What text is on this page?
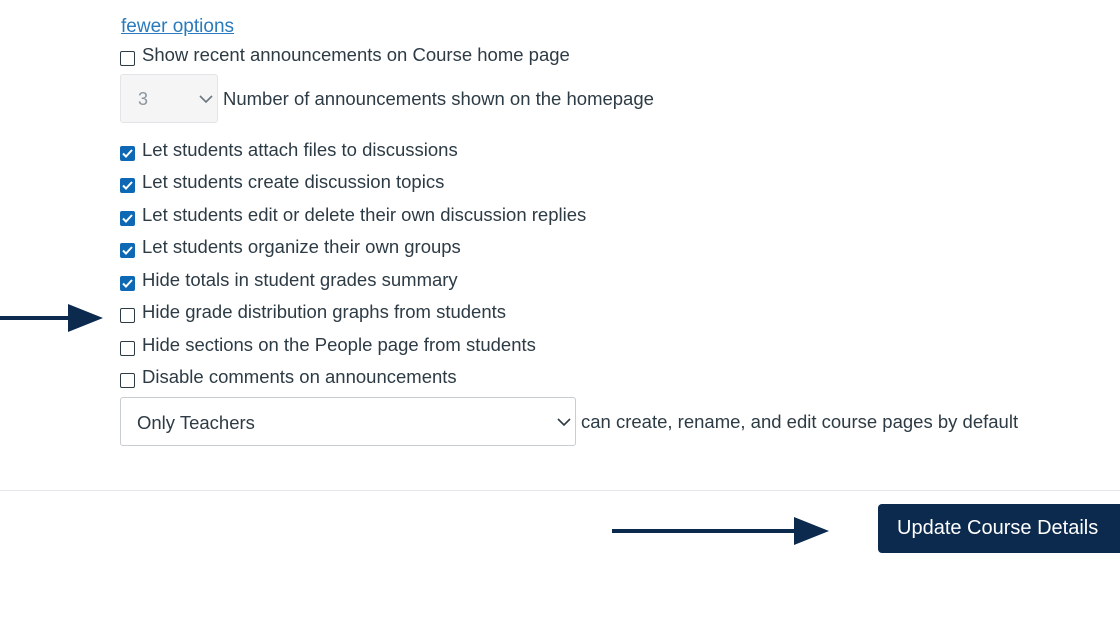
fewer options
Show recent announcements on Course home page
3	Number of announcements shown on the homepage
Let students attach files to discussions
Let students create discussion topics
Let students edit or delete their own discussion replies
Let students organize their own groups
Hide totals in student grades summary
Hide grade distribution graphs from students
Hide sections on the People page from students
Disable comments on announcements
Only Teachers	can create, rename, and edit course pages by default
Update Course Details
